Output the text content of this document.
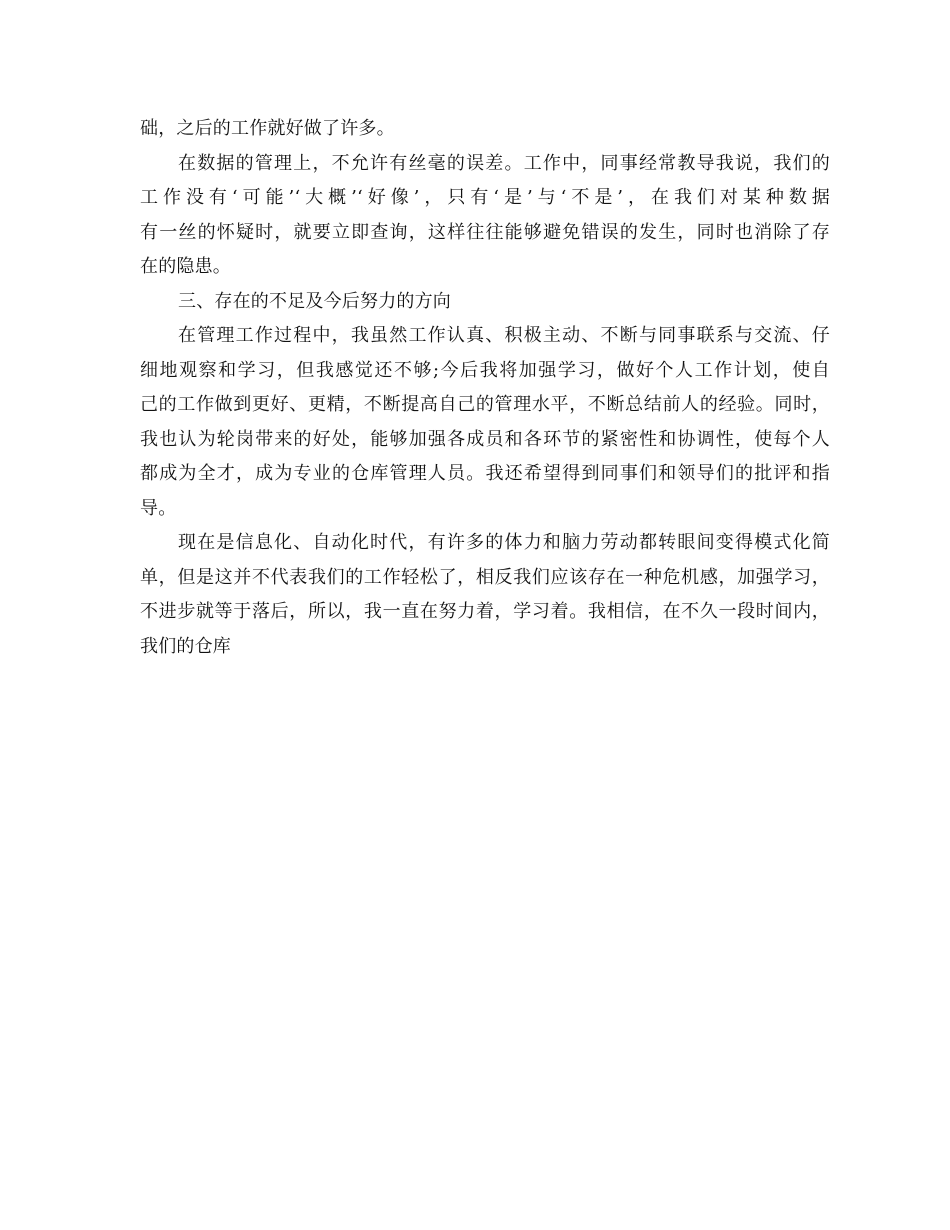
础，之后的工作就好做了许多。
在数据的管理上，不允许有丝毫的误差。工作中，同事经常教导我说，我们的
工作没有‘可能’‘大概’‘好像’，只有‘是’与‘不是’，在我们对某种数据
有一丝的怀疑时，就要立即查询，这样往往能够避免错误的发生，同时也消除了存
在的隐患。
三、存在的不足及今后努力的方向
在管理工作过程中，我虽然工作认真、积极主动、不断与同事联系与交流、仔
细地观察和学习，但我感觉还不够;今后我将加强学习，做好个人工作计划，使自
己的工作做到更好、更精，不断提高自己的管理水平，不断总结前人的经验。同时，
我也认为轮岗带来的好处，能够加强各成员和各环节的紧密性和协调性，使每个人
都成为全才，成为专业的仓库管理人员。我还希望得到同事们和领导们的批评和指
导。
现在是信息化、自动化时代，有许多的体力和脑力劳动都转眼间变得模式化简
单，但是这并不代表我们的工作轻松了，相反我们应该存在一种危机感，加强学习，
不进步就等于落后，所以，我一直在努力着，学习着。我相信，在不久一段时间内，
我们的仓库
